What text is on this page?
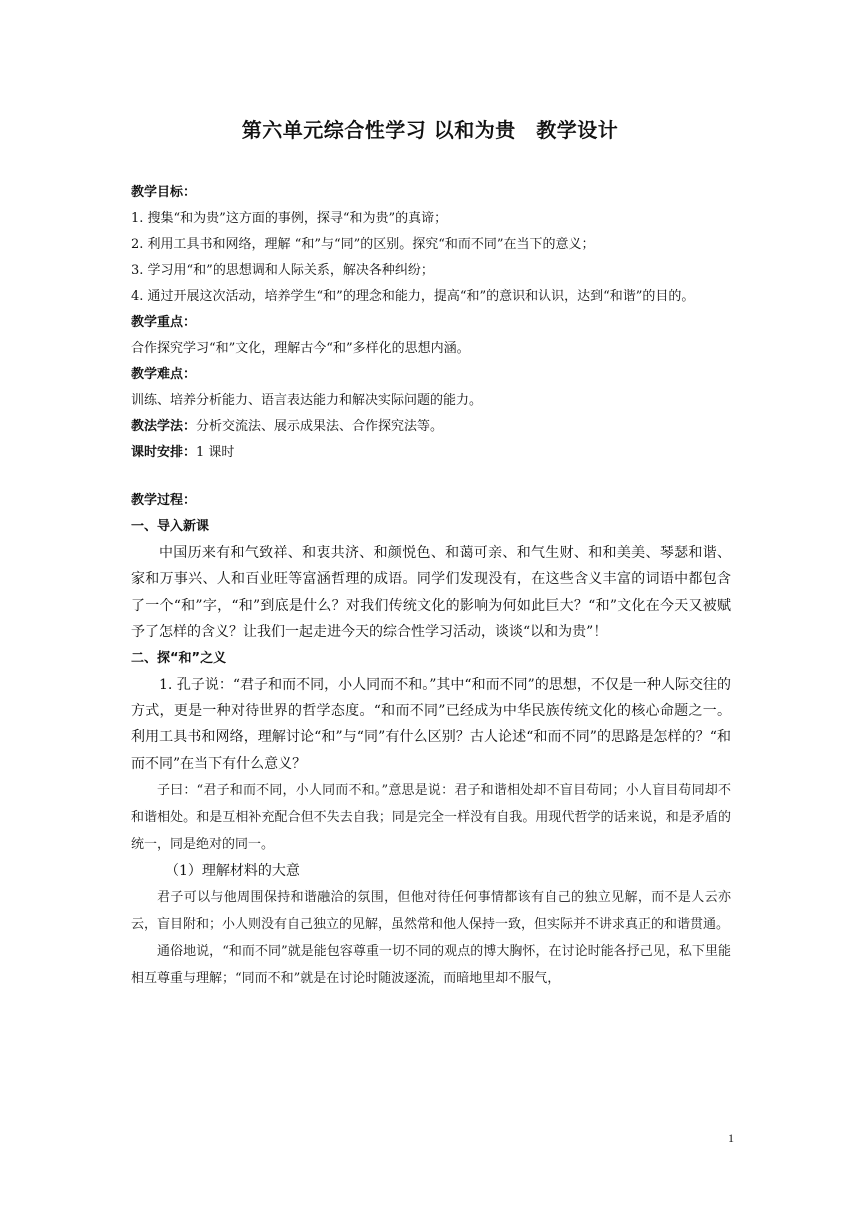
第六单元综合性学习 以和为贵　教学设计
教学目标：
1. 搜集“和为贵”这方面的事例，探寻“和为贵”的真谛；
2. 利用工具书和网络，理解 “和”与“同”的区别。探究“和而不同”在当下的意义；
3. 学习用“和”的思想调和人际关系，解决各种纠纷；
4. 通过开展这次活动，培养学生“和”的理念和能力，提高“和”的意识和认识，达到“和谐”的目的。
教学重点：
合作探究学习“和”文化，理解古今“和”多样化的思想内涵。
教学难点：
训练、培养分析能力、语言表达能力和解决实际问题的能力。
教法学法：分析交流法、展示成果法、合作探究法等。
课时安排：1 课时
教学过程：
一、导入新课
中国历来有和气致祥、和衷共济、和颜悦色、和蔼可亲、和气生财、和和美美、琴瑟和谐、家和万事兴、人和百业旺等富涵哲理的成语。同学们发现没有，在这些含义丰富的词语中都包含了一个“和”字，“和”到底是什么？对我们传统文化的影响为何如此巨大？“和”文化在今天又被赋予了怎样的含义？让我们一起走进今天的综合性学习活动，谈谈“以和为贵”！
二、探“和”之义
1. 孔子说：“君子和而不同，小人同而不和。”其中“和而不同”的思想，不仅是一种人际交往的方式，更是一种对待世界的哲学态度。“和而不同”已经成为中华民族传统文化的核心命题之一。利用工具书和网络，理解讨论“和”与“同”有什么区别？古人论述“和而不同”的思路是怎样的？“和而不同”在当下有什么意义？
子曰：“君子和而不同，小人同而不和。”意思是说：君子和谐相处却不盲目苟同；小人盲目苟同却不和谐相处。和是互相补充配合但不失去自我；同是完全一样没有自我。用现代哲学的话来说，和是矛盾的统一，同是绝对的同一。
（1）理解材料的大意
君子可以与他周围保持和谐融洽的氛围，但他对待任何事情都该有自己的独立见解，而不是人云亦云，盲目附和；小人则没有自己独立的见解，虽然常和他人保持一致，但实际并不讲求真正的和谐贯通。
通俗地说，“和而不同”就是能包容尊重一切不同的观点的博大胸怀，在讨论时能各抒己见，私下里能相互尊重与理解；“同而不和”就是在讨论时随波逐流，而暗地里却不服气，
1
